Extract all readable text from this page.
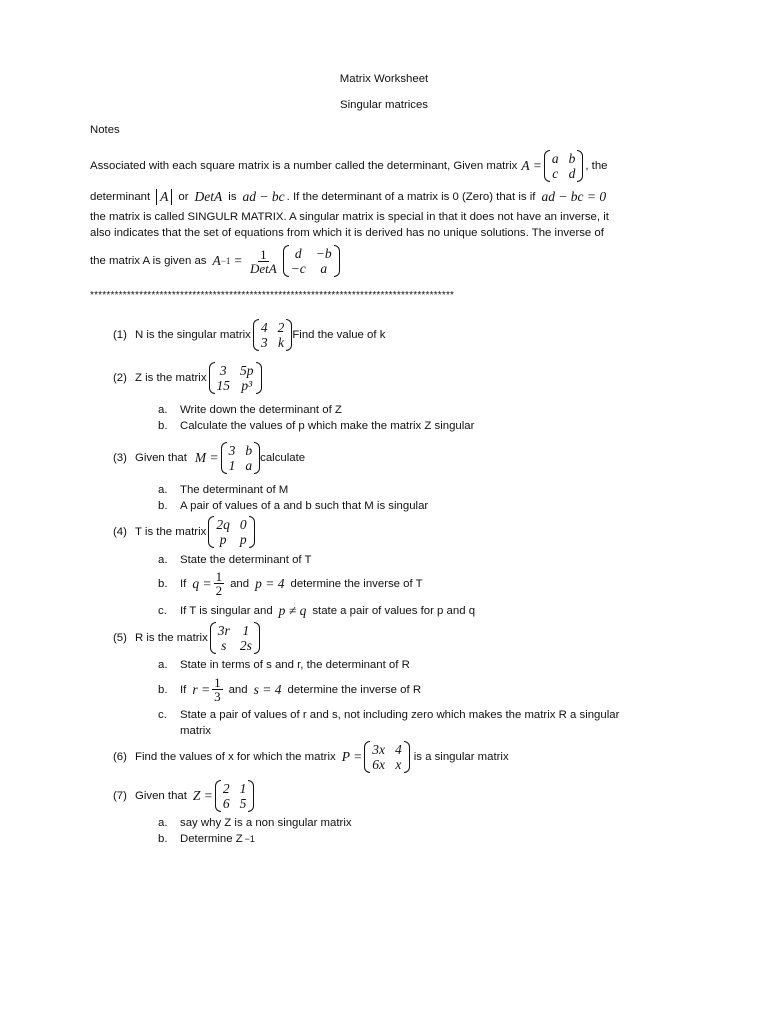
Matrix Worksheet
Singular matrices
Notes
Associated with each square matrix is a number called the determinant, Given matrix A = a b
c d , the
determinant A or DetA is ad − bc . If the determinant of a matrix is 0 (Zero) that is if ad − bc = 0
the matrix is called SINGULR MATRIX. A singular matrix is special in that it does not have an inverse, it
also indicates that the set of equations from which it is derived has no unique solutions. The inverse of
the matrix A is given as $A -1 = \frac{1}{\text{DetA}}$	d	−b
−c	a
*****************************************************************************************
(1) N is the singular matrix 4 2
3 k Find the value of k
(2) Z is the matrix 3 5p
15 p³
a.	Write down the determinant of Z
b.	Calculate the values of p which make the matrix Z singular
(3) Given that M = 3 b
1 a calculate
a.	The determinant of M
b.	A pair of values of a and b such that M is singular
(4) T is the matrix 2q 0
p p
a.	State the determinant of T
b.	If $q = \frac{1}{2}$ and p = 4 determine the inverse of T
c.	If T is singular and p ≠ q state a pair of values for p and q
(5) R is the matrix 3r 1
s 2s
a.	State in terms of s and r, the determinant of R
b.	If $r = \frac{1}{3}$ and s = 4 determine the inverse of R
c.	State a pair of values of r and s, not including zero which makes the matrix R a singular
matrix
(6) Find the values of x for which the matrix P = 3x 4
6x x is a singular matrix
(7) Given that Z = 2 1
6 5
a.	say why Z is a non singular matrix
b.	Determine Z −1
